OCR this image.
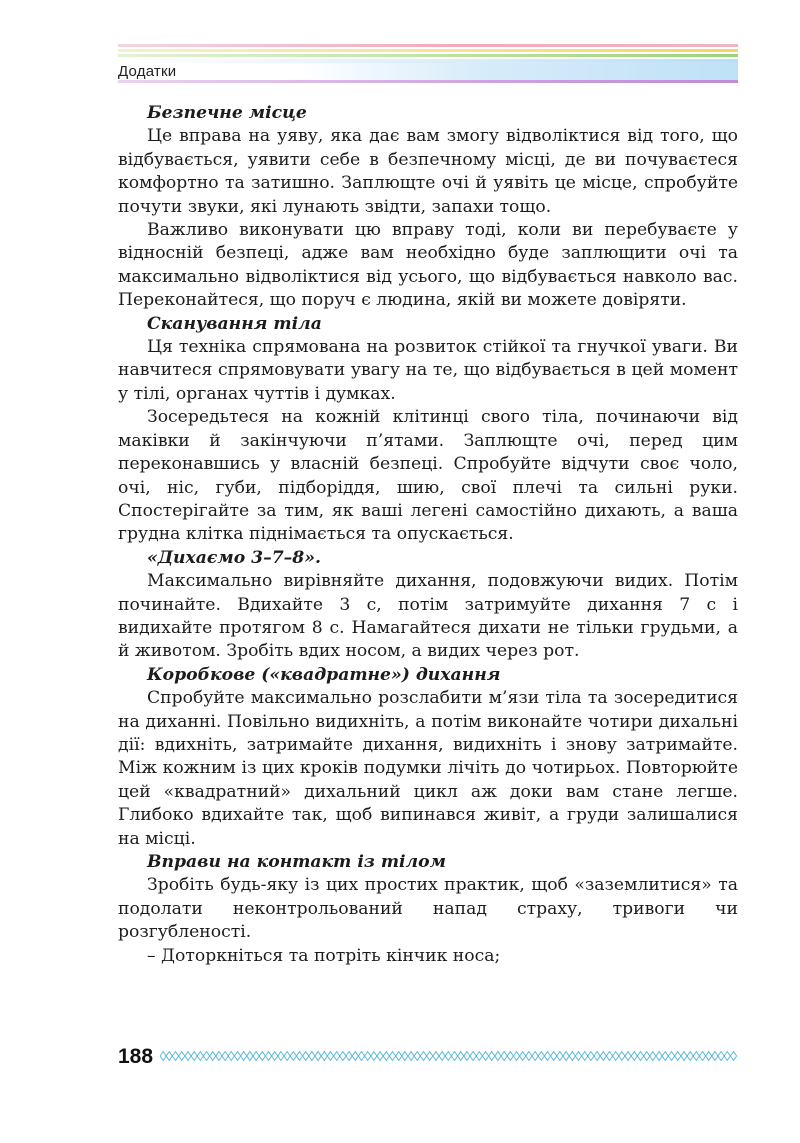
Додатки

Безпечне місце

Це вправа на уяву, яка дає вам змогу відволіктися від того, що відбувається, уявити себе в безпечному місці, де ви почуваєтеся комфортно та затишно. Заплющте очі й уявіть це місце, спробуйте почути звуки, які лунають звідти, запахи тощо.

Важливо виконувати цю вправу тоді, коли ви перебуваєте у відносній безпеці, адже вам необхідно буде заплющити очі та максимально відволіктися від усього, що відбувається навколо вас. Переконайтеся, що поруч є людина, якій ви можете довіряти.

Сканування тіла

Ця техніка спрямована на розвиток стійкої та гнучкої уваги. Ви навчитеся спрямовувати увагу на те, що відбувається в цей момент у тілі, органах чуттів і думках.

Зосередьтеся на кожній клітинці свого тіла, починаючи від маківки й закінчуючи п’ятами. Заплющте очі, перед цим переконавшись у власній безпеці. Спробуйте відчути своє чоло, очі, ніс, губи, підборіддя, шию, свої плечі та сильні руки. Спостерігайте за тим, як ваші легені самостійно дихають, а ваша грудна клітка піднімається та опускається.

«Дихаємо 3–7–8».

Максимально вирівняйте дихання, подовжуючи видих. Потім починайте. Вдихайте 3 с, потім затримуйте дихання 7 с і видихайте протягом 8 с. Намагайтеся дихати не тільки грудьми, а й животом. Зробіть вдих носом, а видих через рот.

Коробкове («квадратне») дихання

Спробуйте максимально розслабити м’язи тіла та зосередитися на диханні. Повільно видихніть, а потім виконайте чотири дихальні дії: вдихніть, затримайте дихання, видихніть і знову затримайте. Між кожним із цих кроків подумки лічіть до чотирьох. Повторюйте цей «квадратний» дихальний цикл аж доки вам стане легше. Глибоко вдихайте так, щоб випинався живіт, а груди залишалися на місці.

Вправи на контакт із тілом

Зробіть будь-яку із цих простих практик, щоб «заземлитися» та подолати неконтрольований напад страху, тривоги чи розгубленості.

– Доторкніться та потріть кінчик носа;

188
